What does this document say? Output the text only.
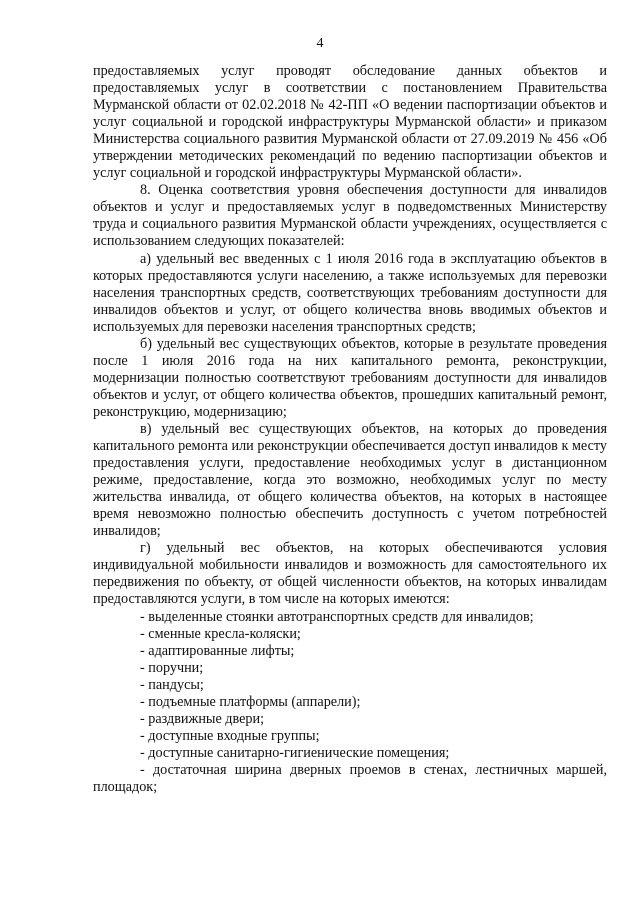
4

предоставляемых услуг проводят обследование данных объектов и предоставляемых услуг в соответствии с постановлением Правительства Мурманской области от 02.02.2018 № 42-ПП «О ведении паспортизации объектов и услуг социальной и городской инфраструктуры Мурманской области» и приказом Министерства социального развития Мурманской области от 27.09.2019 № 456 «Об утверждении методических рекомендаций по ведению паспортизации объектов и услуг социальной и городской инфраструктуры Мурманской области».

8. Оценка соответствия уровня обеспечения доступности для инвалидов объектов и услуг и предоставляемых услуг в подведомственных Министерству труда и социального развития Мурманской области учреждениях, осуществляется с использованием следующих показателей:

а) удельный вес введенных с 1 июля 2016 года в эксплуатацию объектов в которых предоставляются услуги населению, а также используемых для перевозки населения транспортных средств, соответствующих требованиям доступности для инвалидов объектов и услуг, от общего количества вновь вводимых объектов и используемых для перевозки населения транспортных средств;

б) удельный вес существующих объектов, которые в результате проведения после 1 июля 2016 года на них капитального ремонта, реконструкции, модернизации полностью соответствуют требованиям доступности для инвалидов объектов и услуг, от общего количества объектов, прошедших капитальный ремонт, реконструкцию, модернизацию;

в) удельный вес существующих объектов, на которых до проведения капитального ремонта или реконструкции обеспечивается доступ инвалидов к месту предоставления услуги, предоставление необходимых услуг в дистанционном режиме, предоставление, когда это возможно, необходимых услуг по месту жительства инвалида, от общего количества объектов, на которых в настоящее время невозможно полностью обеспечить доступность с учетом потребностей инвалидов;

г) удельный вес объектов, на которых обеспечиваются условия индивидуальной мобильности инвалидов и возможность для самостоятельного их передвижения по объекту, от общей численности объектов, на которых инвалидам предоставляются услуги, в том числе на которых имеются:

- выделенные стоянки автотранспортных средств для инвалидов;

- сменные кресла-коляски;

- адаптированные лифты;

- поручни;

- пандусы;

- подъемные платформы (аппарели);

- раздвижные двери;

- доступные входные группы;

- доступные санитарно-гигиенические помещения;

- достаточная ширина дверных проемов в стенах, лестничных маршей, площадок;
